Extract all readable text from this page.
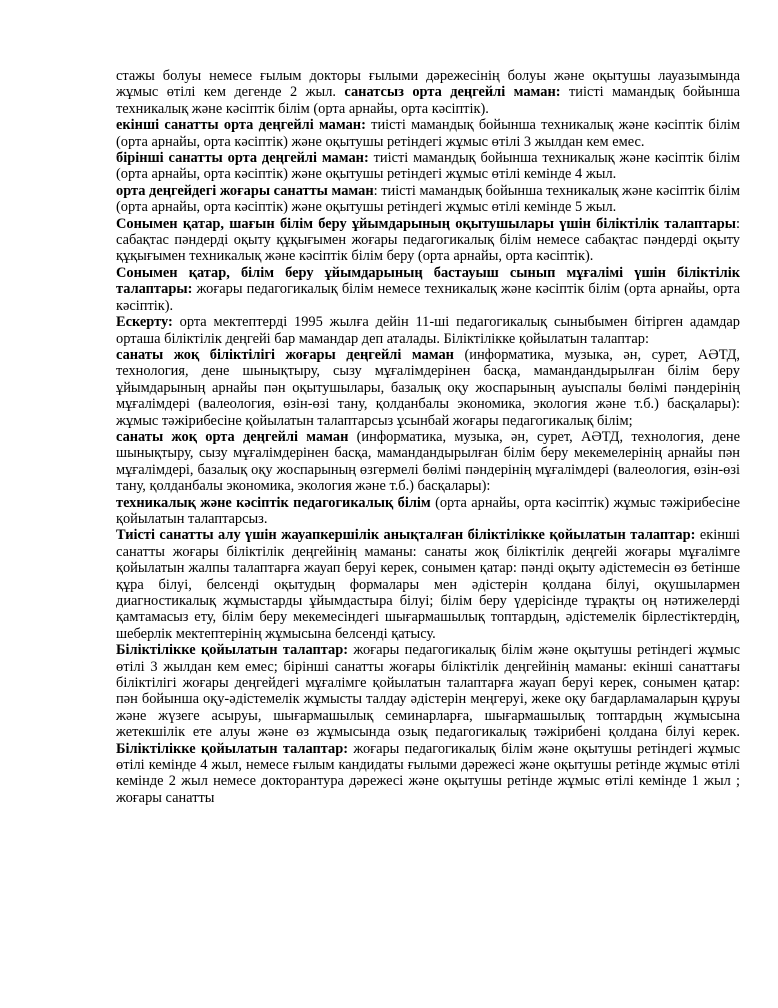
стажы болуы немесе ғылым докторы ғылыми дәрежесінің болуы және оқытушы лауазымында жұмыс өтілі кем дегенде 2 жыл. санатсыз орта деңгейлі маман: тиісті мамандық бойынша техникалық және кәсіптік білім (орта арнайы, орта кәсіптік).

екінші санатты орта деңгейлі маман: тиісті мамандық бойынша техникалық және кәсіптік білім (орта арнайы, орта кәсіптік) және оқытушы ретіндегі жұмыс өтілі 3 жылдан кем емес.

бірінші санатты орта деңгейлі маман: тиісті мамандық бойынша техникалық және кәсіптік білім (орта арнайы, орта кәсіптік) және оқытушы ретіндегі жұмыс өтілі кемінде 4 жыл.

орта деңгейдегі жоғары санатты маман: тиісті мамандық бойынша техникалық және кәсіптік білім (орта арнайы, орта кәсіптік) және оқытушы ретіндегі жұмыс өтілі кемінде 5 жыл.

Сонымен қатар, шағын білім беру ұйымдарының оқытушылары үшін біліктілік талаптары: сабақтас пәндерді оқыту құқығымен жоғары педагогикалық білім немесе сабақтас пәндерді оқыту құқығымен техникалық және кәсіптік білім беру (орта арнайы, орта кәсіптік).

Сонымен қатар, білім беру ұйымдарының бастауыш сынып мұғалімі үшін біліктілік талаптары: жоғары педагогикалық білім немесе техникалық және кәсіптік білім (орта арнайы, орта кәсіптік).

Ескерту: орта мектептерді 1995 жылға дейін 11-ші педагогикалық сыныбымен бітірген адамдар орташа біліктілік деңгейі бар мамандар деп аталады. Біліктілікке қойылатын талаптар:

санаты жоқ біліктілігі жоғары деңгейлі маман (информатика, музыка, ән, сурет, АӘТД, технология, дене шынықтыру, сызу мұғалімдерінен басқа, мамандандырылған білім беру ұйымдарының арнайы пән оқытушылары, базалық оқу жоспарының ауыспалы бөлімі пәндерінің мұғалімдері (валеология, өзін-өзі тану, қолданбалы экономика, экология және т.б.) басқалары): жұмыс тәжірибесіне қойылатын талаптарсыз ұсынбай жоғары педагогикалық білім;

санаты жоқ орта деңгейлі маман (информатика, музыка, ән, сурет, АӘТД, технология, дене шынықтыру, сызу мұғалімдерінен басқа, мамандандырылған білім беру мекемелерінің арнайы пән мұғалімдері, базалық оқу жоспарының өзгермелі бөлімі пәндерінің мұғалімдері (валеология, өзін-өзі тану, қолданбалы экономика, экология және т.б.) басқалары):

техникалық және кәсіптік педагогикалық білім (орта арнайы, орта кәсіптік) жұмыс тәжірибесіне қойылатын талаптарсыз.

Тиісті санатты алу үшін жауапкершілік анықталған біліктілікке қойылатын талаптар: екінші санатты жоғары біліктілік деңгейінің маманы: санаты жоқ біліктілік деңгейі жоғары мұғалімге қойылатын жалпы талаптарға жауап беруі керек, сонымен қатар: пәнді оқыту әдістемесін өз бетінше құра білуі, белсенді оқытудың формалары мен әдістерін қолдана білуі, оқушылармен диагностикалық жұмыстарды ұйымдастыра білуі; білім беру үдерісінде тұрақты оң нәтижелерді қамтамасыз ету, білім беру мекемесіндегі шығармашылық топтардың, әдістемелік бірлестіктердің, шеберлік мектептерінің жұмысына белсенді қатысу.

Біліктілікке қойылатын талаптар: жоғары педагогикалық білім және оқытушы ретіндегі жұмыс өтілі 3 жылдан кем емес; бірінші санатты жоғары біліктілік деңгейінің маманы: екінші санаттағы біліктілігі жоғары деңгейдегі мұғалімге қойылатын талаптарға жауап беруі керек, сонымен қатар: пән бойынша оқу-әдістемелік жұмысты талдау әдістерін меңгеруі, жеке оқу бағдарламаларын құруы және жүзеге асыруы, шығармашылық семинарларға, шығармашылық топтардың жұмысына жетекшілік ете алуы және өз жұмысында озық педагогикалық тәжірибені қолдана білуі керек. Біліктілікке қойылатын талаптар: жоғары педагогикалық білім және оқытушы ретіндегі жұмыс өтілі кемінде 4 жыл, немесе ғылым кандидаты ғылыми дәрежесі және оқытушы ретінде жұмыс өтілі кемінде 2 жыл немесе докторантура дәрежесі және оқытушы ретінде жұмыс өтілі кемінде 1 жыл ; жоғары санатты
